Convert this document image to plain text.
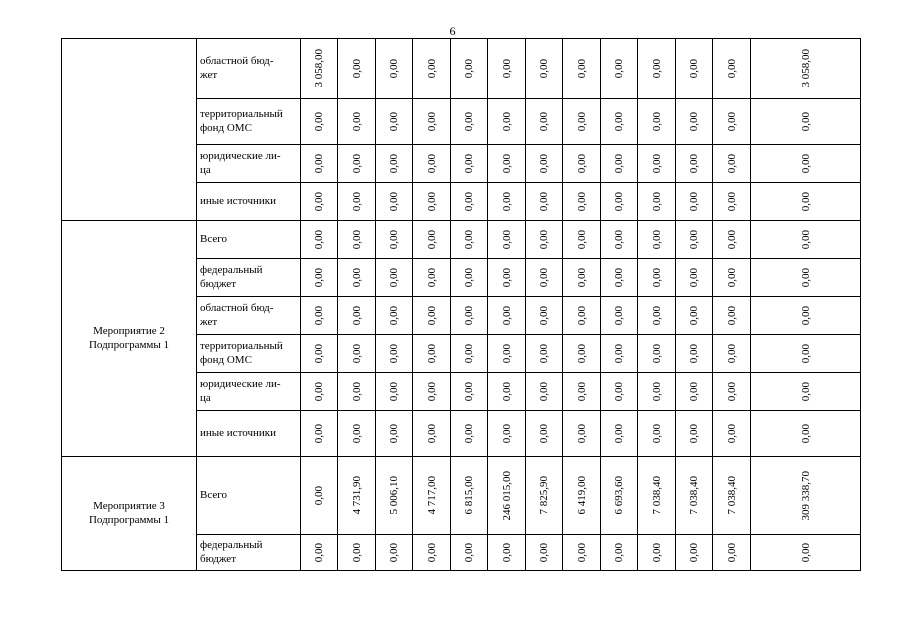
6
	областной бюд-
жет	3 058,00	0,00	0,00	0,00	0,00	0,00	0,00	0,00	0,00	0,00	0,00	0,00	3 058,00

	территориальный фонд ОМС	0,00	0,00	0,00	0,00	0,00	0,00	0,00	0,00	0,00	0,00	0,00	0,00	0,00

	юридические ли-
ца	0,00	0,00	0,00	0,00	0,00	0,00	0,00	0,00	0,00	0,00	0,00	0,00	0,00

	иные источники	0,00	0,00	0,00	0,00	0,00	0,00	0,00	0,00	0,00	0,00	0,00	0,00	0,00

Мероприятие 2
Подпрограммы 1	Всего	0,00	0,00	0,00	0,00	0,00	0,00	0,00	0,00	0,00	0,00	0,00	0,00	0,00

	федеральный бюджет	0,00	0,00	0,00	0,00	0,00	0,00	0,00	0,00	0,00	0,00	0,00	0,00	0,00

	областной бюд-
жет	0,00	0,00	0,00	0,00	0,00	0,00	0,00	0,00	0,00	0,00	0,00	0,00	0,00

	территориальный фонд ОМС	0,00	0,00	0,00	0,00	0,00	0,00	0,00	0,00	0,00	0,00	0,00	0,00	0,00

	юридические ли-
ца	0,00	0,00	0,00	0,00	0,00	0,00	0,00	0,00	0,00	0,00	0,00	0,00	0,00

	иные источники	0,00	0,00	0,00	0,00	0,00	0,00	0,00	0,00	0,00	0,00	0,00	0,00	0,00

Мероприятие 3
Подпрограммы 1	Всего	0,00	4 731,90	5 006,10	4 717,00	6 815,00	246 015,00	7 825,90	6 419,00	6 693,60	7 038,40	7 038,40	7 038,40	309 338,70

	федеральный бюджет	0,00	0,00	0,00	0,00	0,00	0,00	0,00	0,00	0,00	0,00	0,00	0,00	0,00
